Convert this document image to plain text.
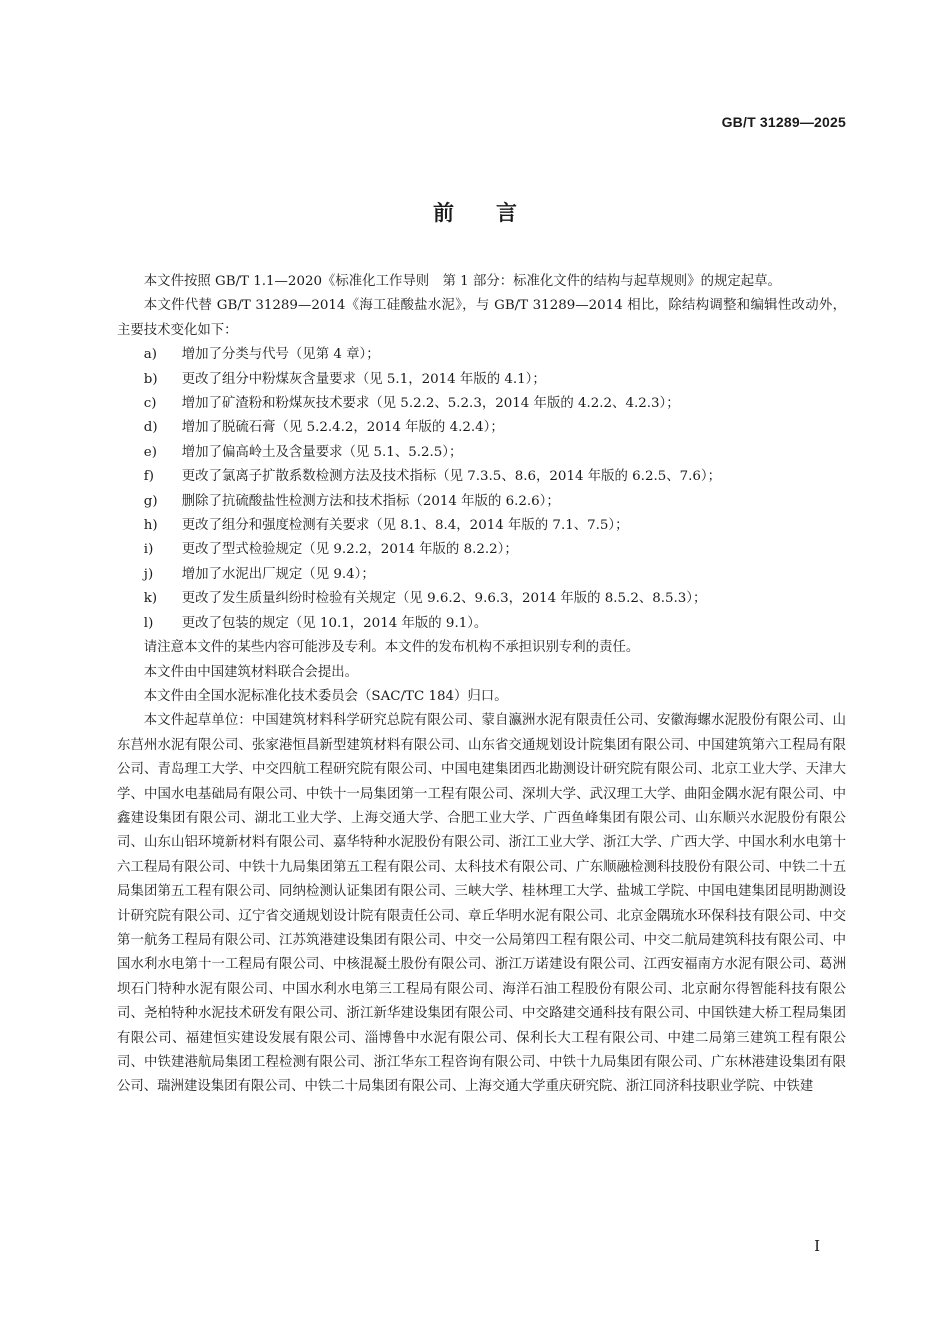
GB/T 31289—2025
前言

本文件按照 GB/T 1.1—2020《标准化工作导则　第 1 部分：标准化文件的结构与起草规则》的规定起草。

本文件代替 GB/T 31289—2014《海工硅酸盐水泥》，与 GB/T 31289—2014 相比，除结构调整和编辑性改动外，主要技术变化如下：

a)	增加了分类与代号（见第 4 章）；
b)	更改了组分中粉煤灰含量要求（见 5.1，2014 年版的 4.1）；
c)	增加了矿渣粉和粉煤灰技术要求（见 5.2.2、5.2.3，2014 年版的 4.2.2、4.2.3）；
d)	增加了脱硫石膏（见 5.2.4.2，2014 年版的 4.2.4）；
e)	增加了偏高岭土及含量要求（见 5.1、5.2.5）；
f)	更改了氯离子扩散系数检测方法及技术指标（见 7.3.5、8.6，2014 年版的 6.2.5、7.6）；
g)	删除了抗硫酸盐性检测方法和技术指标（2014 年版的 6.2.6）；
h)	更改了组分和强度检测有关要求（见 8.1、8.4，2014 年版的 7.1、7.5）；
i)	更改了型式检验规定（见 9.2.2，2014 年版的 8.2.2）；
j)	增加了水泥出厂规定（见 9.4）；
k)	更改了发生质量纠纷时检验有关规定（见 9.6.2、9.6.3，2014 年版的 8.5.2、8.5.3）；
l)	更改了包装的规定（见 10.1，2014 年版的 9.1）。

请注意本文件的某些内容可能涉及专利。本文件的发布机构不承担识别专利的责任。

本文件由中国建筑材料联合会提出。

本文件由全国水泥标准化技术委员会（SAC/TC 184）归口。

本文件起草单位：中国建筑材料科学研究总院有限公司、蒙自瀛洲水泥有限责任公司、安徽海螺水泥股份有限公司、山东莒州水泥有限公司、张家港恒昌新型建筑材料有限公司、山东省交通规划设计院集团有限公司、中国建筑第六工程局有限公司、青岛理工大学、中交四航工程研究院有限公司、中国电建集团西北勘测设计研究院有限公司、北京工业大学、天津大学、中国水电基础局有限公司、中铁十一局集团第一工程有限公司、深圳大学、武汉理工大学、曲阳金隅水泥有限公司、中鑫建设集团有限公司、湖北工业大学、上海交通大学、合肥工业大学、广西鱼峰集团有限公司、山东顺兴水泥股份有限公司、山东山铝环境新材料有限公司、嘉华特种水泥股份有限公司、浙江工业大学、浙江大学、广西大学、中国水利水电第十六工程局有限公司、中铁十九局集团第五工程有限公司、太科技术有限公司、广东顺融检测科技股份有限公司、中铁二十五局集团第五工程有限公司、同纳检测认证集团有限公司、三峡大学、桂林理工大学、盐城工学院、中国电建集团昆明勘测设计研究院有限公司、辽宁省交通规划设计院有限责任公司、章丘华明水泥有限公司、北京金隅琉水环保科技有限公司、中交第一航务工程局有限公司、江苏筑港建设集团有限公司、中交一公局第四工程有限公司、中交二航局建筑科技有限公司、中国水利水电第十一工程局有限公司、中核混凝土股份有限公司、浙江万诺建设有限公司、江西安福南方水泥有限公司、葛洲坝石门特种水泥有限公司、中国水利水电第三工程局有限公司、海洋石油工程股份有限公司、北京耐尔得智能科技有限公司、尧柏特种水泥技术研发有限公司、浙江新华建设集团有限公司、中交路建交通科技有限公司、中国铁建大桥工程局集团有限公司、福建恒实建设发展有限公司、淄博鲁中水泥有限公司、保利长大工程有限公司、中建二局第三建筑工程有限公司、中铁建港航局集团工程检测有限公司、浙江华东工程咨询有限公司、中铁十九局集团有限公司、广东林港建设集团有限公司、瑞洲建设集团有限公司、中铁二十局集团有限公司、上海交通大学重庆研究院、浙江同济科技职业学院、中铁建

I
